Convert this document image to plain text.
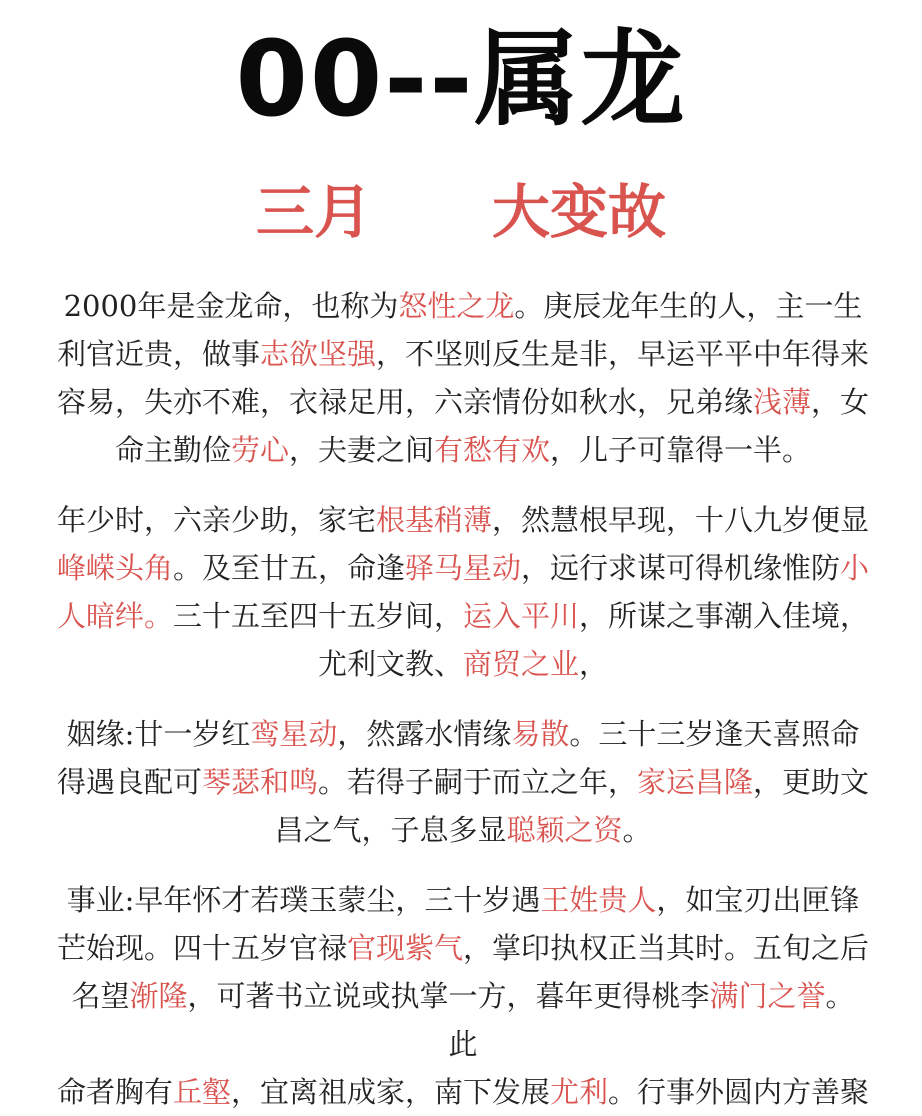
00--属龙
三月 大变故

2000年是金龙命，也称为怒性之龙。庚辰龙年生的人，主一生
利官近贵，做事志欲坚强，不坚则反生是非，早运平平中年得来
容易，失亦不难，衣禄足用，六亲情份如秋水，兄弟缘浅薄，女
命主勤俭劳心，夫妻之间有愁有欢，儿子可靠得一半。

年少时，六亲少助，家宅根基稍薄，然慧根早现，十八九岁便显
峰嵘头角。及至廿五，命逢驿马星动，远行求谋可得机缘惟防小
人暗绊。三十五至四十五岁间，运入平川，所谋之事潮入佳境，
尤利文教、商贸之业，

姻缘:廿一岁红鸾星动，然露水情缘易散。三十三岁逢天喜照命
得遇良配可琴瑟和鸣。若得子嗣于而立之年，家运昌隆，更助文
昌之气，子息多显聪颖之资。

事业:早年怀才若璞玉蒙尘，三十岁遇王姓贵人，如宝刃出匣锋
芒始现。四十五岁官禄官现紫气，掌印执权正当其时。五旬之后
名望渐隆，可著书立说或执掌一方，暮年更得桃李满门之誉。
此
命者胸有丘壑，宜离祖成家，南下发展尤利。行事外圆内方善聚
